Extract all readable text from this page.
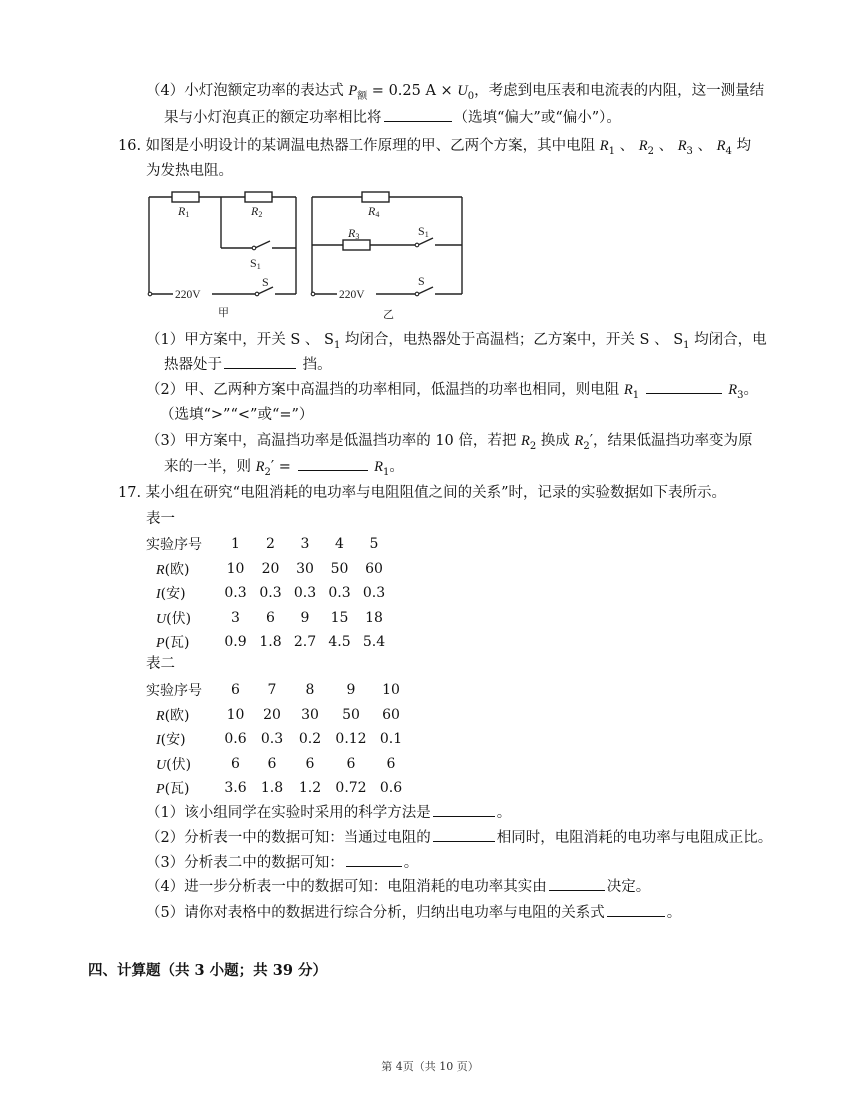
（4）小灯泡额定功率的表达式 $P_额 = 0.25$ $A \times U_0$，考虑到电压表和电流表的内阻，这一测量结
果与小灯泡真正的额定功率相比将	（选填“偏大”或“偏小”）。
16. 如图是小明设计的某调温电热器工作原理的甲、乙两个方案，其中电阻 $R_1$ 、 $R_2$ 、 $R_3$ 、 $R_4$ 均
为发热电阻。
R1	R2
S1
S
220V
甲
R4
R3	S1
S
220V
乙
（1）甲方案中，开关 S 、 $S_1$ 均闭合，电热器处于高温档；乙方案中，开关 S 、 $S_1$ 均闭合，电
热器处于	挡。
（2）甲、乙两种方案中高温挡的功率相同，低温挡的功率也相同，则电阻 $R_1$	$R_3$。
（选填“>”“<”或“=”）
（3）甲方案中，高温挡功率是低温挡功率的 10 倍，若把 $R_2$ 换成 $R_2'$，结果低温挡功率变为原
来的一半，则 $R_2'$ =	$R_1$。
17. 某小组在研究“电阻消耗的电功率与电阻阻值之间的关系”时，记录的实验数据如下表所示。
表一
实验序号	1	2	3	4	5
R(欧)	10	20	30	50	60
I(安)	0.3	0.3	0.3	0.3	0.3
U(伏)	3	6	9	15	18
P(瓦)	0.9	1.8	2.7	4.5	5.4
表二
实验序号	6	7	8	9	10
R(欧)	10	20	30	50	60
I(安)	0.6	0.3	0.2	0.12	0.1
U(伏)	6	6	6	6	6
P(瓦)	3.6	1.8	1.2	0.72	0.6
（1）该小组同学在实验时采用的科学方法是	。
（2）分析表一中的数据可知：当通过电阻的	相同时，电阻消耗的电功率与电阻成正比。
（3）分析表二中的数据可知：	。
（4）进一步分析表一中的数据可知：电阻消耗的电功率其实由	决定。
（5）请你对表格中的数据进行综合分析，归纳出电功率与电阻的关系式	。
四、计算题（共 3 小题；共 39 分）
第 4页（共 10 页）
